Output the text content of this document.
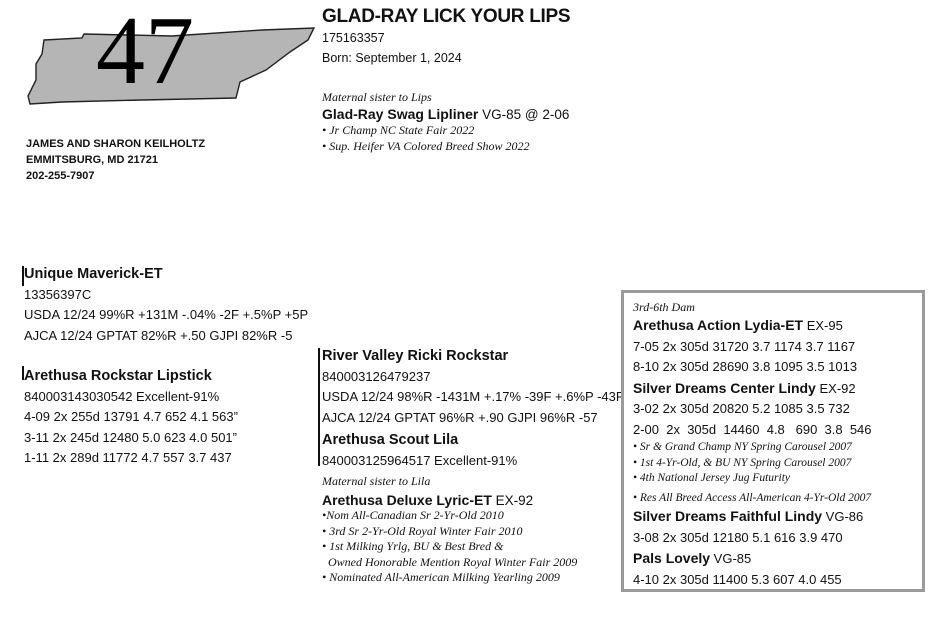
47
JAMES AND SHARON KEILHOLTZ
EMMITSBURG, MD 21721
202-255-7907
GLAD-RAY LICK YOUR LIPS
175163357
Born: September 1, 2024
Maternal sister to Lips
Glad-Ray Swag Lipliner VG-85 @ 2-06
• Jr Champ NC State Fair 2022
• Sup. Heifer VA Colored Breed Show 2022
Unique Maverick-ET
13356397C
USDA 12/24 99%R +131M -.04% -2F +.5%P +5P
AJCA 12/24 GPTAT 82%R +.50 GJPI 82%R -5
Arethusa Rockstar Lipstick
840003143030542 Excellent-91%
4-09 2x 255d 13791 4.7 652 4.1 563”
3-11 2x 245d 12480 5.0 623 4.0 501”
1-11 2x 289d 11772 4.7 557 3.7 437
River Valley Ricki Rockstar
840003126479237
USDA 12/24 98%R -1431M +.17% -39F +.6%P -43P
AJCA 12/24 GPTAT 96%R +.90 GJPI 96%R -57
Arethusa Scout Lila
840003125964517 Excellent-91%
Maternal sister to Lila
Arethusa Deluxe Lyric-ET EX-92
•Nom All-Canadian Sr 2-Yr-Old 2010
• 3rd Sr 2-Yr-Old Royal Winter Fair 2010
• 1st Milking Yrlg, BU & Best Bred &
Owned Honorable Mention Royal Winter Fair 2009
• Nominated All-American Milking Yearling 2009
3rd-6th Dam
Arethusa Action Lydia-ET EX-95
7-05 2x 305d 31720 3.7 1174 3.7 1167
8-10 2x 305d 28690 3.8 1095 3.5 1013
Silver Dreams Center Lindy EX-92
3-02 2x 305d 20820 5.2 1085 3.5 732
2-00  2x  305d  14460  4.8   690  3.8  546
• Sr & Grand Champ NY Spring Carousel 2007
• 1st 4-Yr-Old, & BU NY Spring Carousel 2007
• 4th National Jersey Jug Futurity
• Res All Breed Access All-American 4-Yr-Old 2007
Silver Dreams Faithful Lindy VG-86
3-08 2x 305d 12180 5.1 616 3.9 470
Pals Lovely VG-85
4-10 2x 305d 11400 5.3 607 4.0 455
